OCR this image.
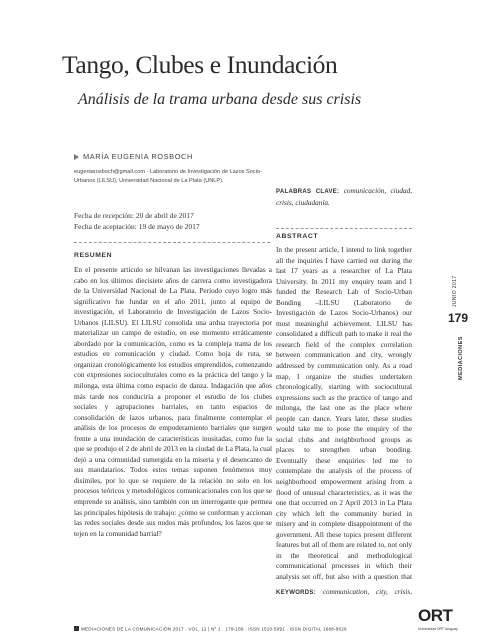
Tango, Clubes e Inundación
Análisis de la trama urbana desde sus crisis
MARÍA EUGENIA ROSBOCH
eugeniarosboch@gmail.com · Laboratorio de Investigación de Lazos Socio-Urbanos (LILSU), Universidad Nacional de La Plata (UNLP).
Fecha de recepción: 20 de abril de 2017
Fecha de aceptación: 19 de mayo de 2017
RESUMEN

En el presente artículo se hilvanan las investigaciones llevadas a cabo en los últimos diecisiete años de carrera como investigadora de la Universidad Nacional de La Plata. Período cuyo logro más significativo fue fundar en el año 2011, junto al equipo de investigación, el Laboratorio de Investigación de Lazos Socio-Urbanos (LILSU). El LILSU consolida una ardua trayectoria por materializar un campo de estudio, en ese momento erráticamente abordado por la comunicación, como es la compleja trama de los estudios en comunicación y ciudad. Como hoja de ruta, se organizan cronológicamente los estudios emprendidos, comenzando con expresiones socioculturales como es la práctica del tango y la milonga, esta última como espacio de danza. Indagación que años más tarde nos conduciría a proponer el estudio de los clubes sociales y agrupaciones barriales, en tanto espacios de consolidación de lazos urbanos, para finalmente contemplar el análisis de los procesos de empoderamiento barriales que surgen frente a una inundación de características inusitadas, como fue la que se produjo el 2 de abril de 2013 en la ciudad de La Plata, la cual dejó a una comunidad sumergida en la miseria y el desencanto de sus mandatarios. Todos estos temas suponen fenómenos muy disímiles, por lo que se requiere de la relación no solo en los procesos teóricos y metodológicos comunicacionales con los que se emprende su análisis, sino también con un interrogante que permea las principales hipótesis de trabajo: ¿cómo se conforman y accionan las redes sociales desde sus nudos más profundos, los lazos que se tejen en la comunidad barrial?

PALABRAS CLAVE: comunicación, ciudad, crisis, ciudadanía.
ABSTRACT

In the present article, I intend to link together all the inquiries I have carried out during the last 17 years as a researcher of La Plata University. In 2011 my enquiry team and I funded the Research Lab of Socio-Urban Bonding –LILSU (Laboratorio de Investigación de Lazos Socio-Urbanos) our most meaningful achievement. LILSU has consolidated a difficult path to make it real the research field of the complex correlation between communication and city, wrongly addressed by communication only. As a road map, I organize the studies undertaken chronologically, starting with sociocultural expressions such as the practice of tango and milonga, the last one as the place where people can dance. Years later, these studies would take me to pose the enquiry of the social clubs and neighborhood groups as places to strengthen urban bonding. Eventually these enquiries led me to contemplate the analysis of the process of neighborhood empowerment arising from a flood of unusual characteristics, as it was the one that occurred on 2 April 2013 in La Plata city which left the community buried in misery and in complete disappointment of the government. All these topics present different features but all of them are related to, not only in the theoretical and methodological communicational processes in which their analysis set off, but also with a question that

KEYWORDS: communication, city, crisis,
JUNIO 2017
179
MEDIACIONES
MEDIACIONES DE LA COMUNICACIÓN 2017 · VOL. 12 | Nº 1 · 179-189 · ISSN 1510-5091 · ISSN DIGITAL 1688-8626
ORT
Universidad ORT Uruguay
